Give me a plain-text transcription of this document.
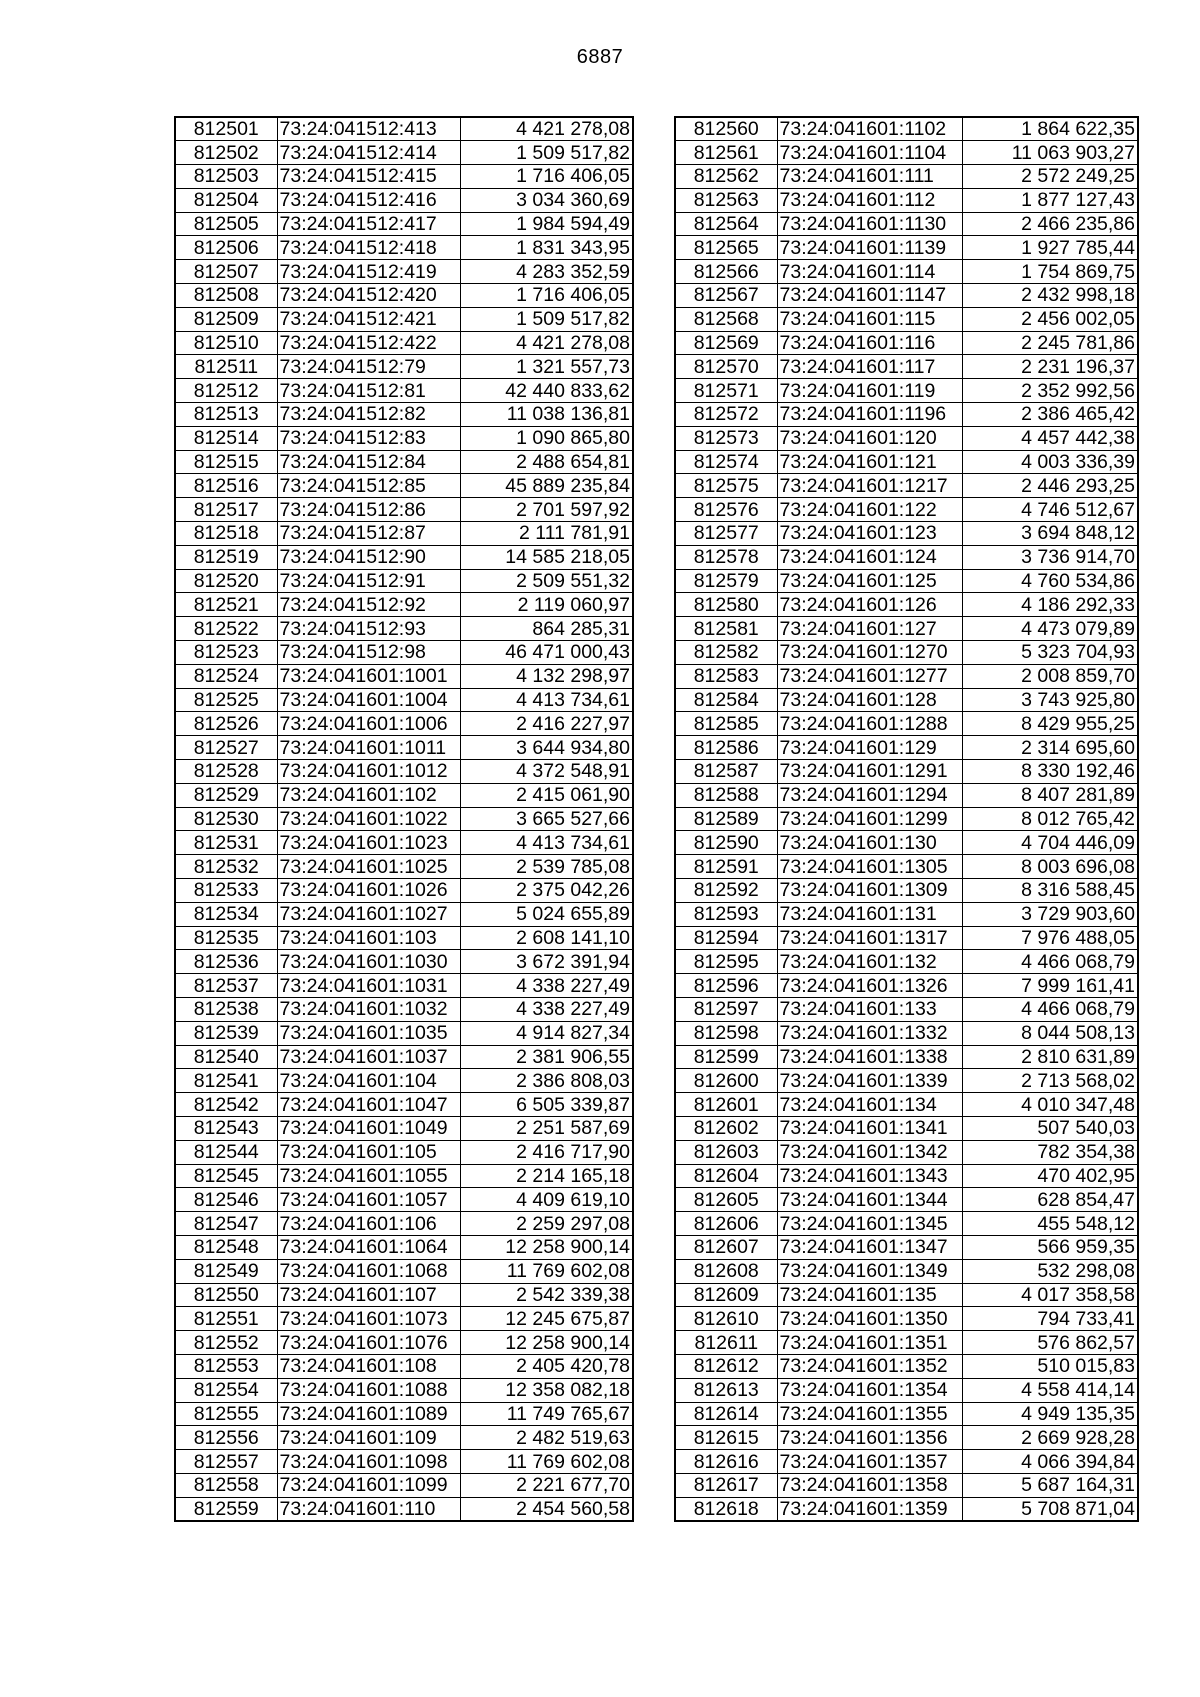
6887
812501	73:24:041512:413	4 421 278,08
812502	73:24:041512:414	1 509 517,82
812503	73:24:041512:415	1 716 406,05
812504	73:24:041512:416	3 034 360,69
812505	73:24:041512:417	1 984 594,49
812506	73:24:041512:418	1 831 343,95
812507	73:24:041512:419	4 283 352,59
812508	73:24:041512:420	1 716 406,05
812509	73:24:041512:421	1 509 517,82
812510	73:24:041512:422	4 421 278,08
812511	73:24:041512:79	1 321 557,73
812512	73:24:041512:81	42 440 833,62
812513	73:24:041512:82	11 038 136,81
812514	73:24:041512:83	1 090 865,80
812515	73:24:041512:84	2 488 654,81
812516	73:24:041512:85	45 889 235,84
812517	73:24:041512:86	2 701 597,92
812518	73:24:041512:87	2 111 781,91
812519	73:24:041512:90	14 585 218,05
812520	73:24:041512:91	2 509 551,32
812521	73:24:041512:92	2 119 060,97
812522	73:24:041512:93	864 285,31
812523	73:24:041512:98	46 471 000,43
812524	73:24:041601:1001	4 132 298,97
812525	73:24:041601:1004	4 413 734,61
812526	73:24:041601:1006	2 416 227,97
812527	73:24:041601:1011	3 644 934,80
812528	73:24:041601:1012	4 372 548,91
812529	73:24:041601:102	2 415 061,90
812530	73:24:041601:1022	3 665 527,66
812531	73:24:041601:1023	4 413 734,61
812532	73:24:041601:1025	2 539 785,08
812533	73:24:041601:1026	2 375 042,26
812534	73:24:041601:1027	5 024 655,89
812535	73:24:041601:103	2 608 141,10
812536	73:24:041601:1030	3 672 391,94
812537	73:24:041601:1031	4 338 227,49
812538	73:24:041601:1032	4 338 227,49
812539	73:24:041601:1035	4 914 827,34
812540	73:24:041601:1037	2 381 906,55
812541	73:24:041601:104	2 386 808,03
812542	73:24:041601:1047	6 505 339,87
812543	73:24:041601:1049	2 251 587,69
812544	73:24:041601:105	2 416 717,90
812545	73:24:041601:1055	2 214 165,18
812546	73:24:041601:1057	4 409 619,10
812547	73:24:041601:106	2 259 297,08
812548	73:24:041601:1064	12 258 900,14
812549	73:24:041601:1068	11 769 602,08
812550	73:24:041601:107	2 542 339,38
812551	73:24:041601:1073	12 245 675,87
812552	73:24:041601:1076	12 258 900,14
812553	73:24:041601:108	2 405 420,78
812554	73:24:041601:1088	12 358 082,18
812555	73:24:041601:1089	11 749 765,67
812556	73:24:041601:109	2 482 519,63
812557	73:24:041601:1098	11 769 602,08
812558	73:24:041601:1099	2 221 677,70
812559	73:24:041601:110	2 454 560,58
812560	73:24:041601:1102	1 864 622,35
812561	73:24:041601:1104	11 063 903,27
812562	73:24:041601:111	2 572 249,25
812563	73:24:041601:112	1 877 127,43
812564	73:24:041601:1130	2 466 235,86
812565	73:24:041601:1139	1 927 785,44
812566	73:24:041601:114	1 754 869,75
812567	73:24:041601:1147	2 432 998,18
812568	73:24:041601:115	2 456 002,05
812569	73:24:041601:116	2 245 781,86
812570	73:24:041601:117	2 231 196,37
812571	73:24:041601:119	2 352 992,56
812572	73:24:041601:1196	2 386 465,42
812573	73:24:041601:120	4 457 442,38
812574	73:24:041601:121	4 003 336,39
812575	73:24:041601:1217	2 446 293,25
812576	73:24:041601:122	4 746 512,67
812577	73:24:041601:123	3 694 848,12
812578	73:24:041601:124	3 736 914,70
812579	73:24:041601:125	4 760 534,86
812580	73:24:041601:126	4 186 292,33
812581	73:24:041601:127	4 473 079,89
812582	73:24:041601:1270	5 323 704,93
812583	73:24:041601:1277	2 008 859,70
812584	73:24:041601:128	3 743 925,80
812585	73:24:041601:1288	8 429 955,25
812586	73:24:041601:129	2 314 695,60
812587	73:24:041601:1291	8 330 192,46
812588	73:24:041601:1294	8 407 281,89
812589	73:24:041601:1299	8 012 765,42
812590	73:24:041601:130	4 704 446,09
812591	73:24:041601:1305	8 003 696,08
812592	73:24:041601:1309	8 316 588,45
812593	73:24:041601:131	3 729 903,60
812594	73:24:041601:1317	7 976 488,05
812595	73:24:041601:132	4 466 068,79
812596	73:24:041601:1326	7 999 161,41
812597	73:24:041601:133	4 466 068,79
812598	73:24:041601:1332	8 044 508,13
812599	73:24:041601:1338	2 810 631,89
812600	73:24:041601:1339	2 713 568,02
812601	73:24:041601:134	4 010 347,48
812602	73:24:041601:1341	507 540,03
812603	73:24:041601:1342	782 354,38
812604	73:24:041601:1343	470 402,95
812605	73:24:041601:1344	628 854,47
812606	73:24:041601:1345	455 548,12
812607	73:24:041601:1347	566 959,35
812608	73:24:041601:1349	532 298,08
812609	73:24:041601:135	4 017 358,58
812610	73:24:041601:1350	794 733,41
812611	73:24:041601:1351	576 862,57
812612	73:24:041601:1352	510 015,83
812613	73:24:041601:1354	4 558 414,14
812614	73:24:041601:1355	4 949 135,35
812615	73:24:041601:1356	2 669 928,28
812616	73:24:041601:1357	4 066 394,84
812617	73:24:041601:1358	5 687 164,31
812618	73:24:041601:1359	5 708 871,04
